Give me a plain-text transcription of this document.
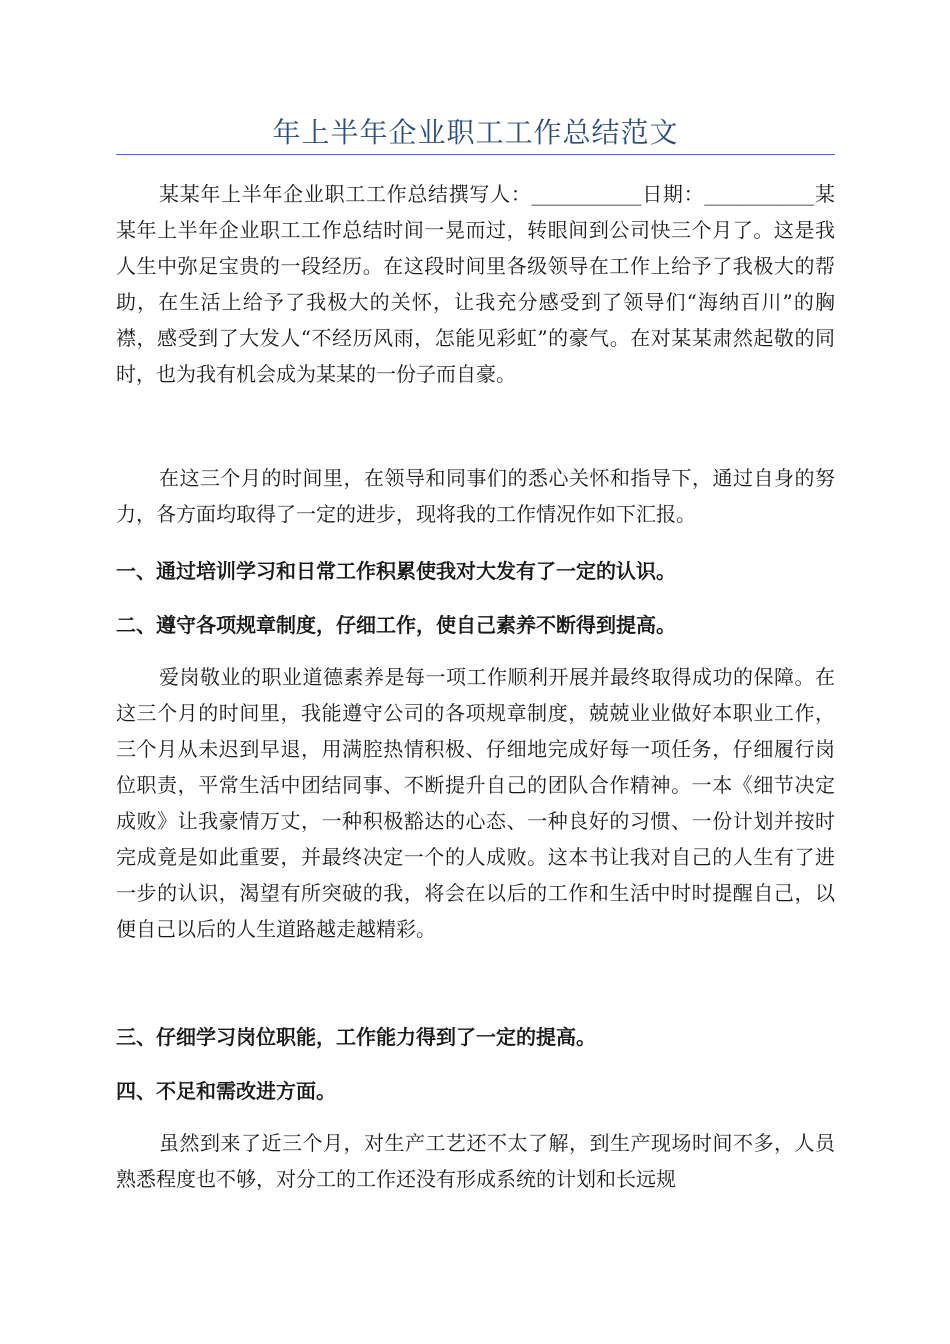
年上半年企业职工工作总结范文

某某年上半年企业职工工作总结撰写人：___________日期：___________某某年上半年企业职工工作总结时间一晃而过，转眼间到公司快三个月了。这是我人生中弥足宝贵的一段经历。在这段时间里各级领导在工作上给予了我极大的帮助，在生活上给予了我极大的关怀，让我充分感受到了领导们“海纳百川”的胸襟，感受到了大发人“不经历风雨，怎能见彩虹”的豪气。在对某某肃然起敬的同时，也为我有机会成为某某的一份子而自豪。

在这三个月的时间里，在领导和同事们的悉心关怀和指导下，通过自身的努力，各方面均取得了一定的进步，现将我的工作情况作如下汇报。

一、通过培训学习和日常工作积累使我对大发有了一定的认识。

二、遵守各项规章制度，仔细工作，使自己素养不断得到提高。

爱岗敬业的职业道德素养是每一项工作顺利开展并最终取得成功的保障。在这三个月的时间里，我能遵守公司的各项规章制度，兢兢业业做好本职业工作，三个月从未迟到早退，用满腔热情积极、仔细地完成好每一项任务，仔细履行岗位职责，平常生活中团结同事、不断提升自己的团队合作精神。一本《细节决定成败》让我豪情万丈，一种积极豁达的心态、一种良好的习惯、一份计划并按时完成竟是如此重要，并最终决定一个的人成败。这本书让我对自己的人生有了进一步的认识，渴望有所突破的我，将会在以后的工作和生活中时时提醒自己，以便自己以后的人生道路越走越精彩。

三、仔细学习岗位职能，工作能力得到了一定的提高。

四、不足和需改进方面。

虽然到来了近三个月，对生产工艺还不太了解，到生产现场时间不多，人员熟悉程度也不够，对分工的工作还没有形成系统的计划和长远规
